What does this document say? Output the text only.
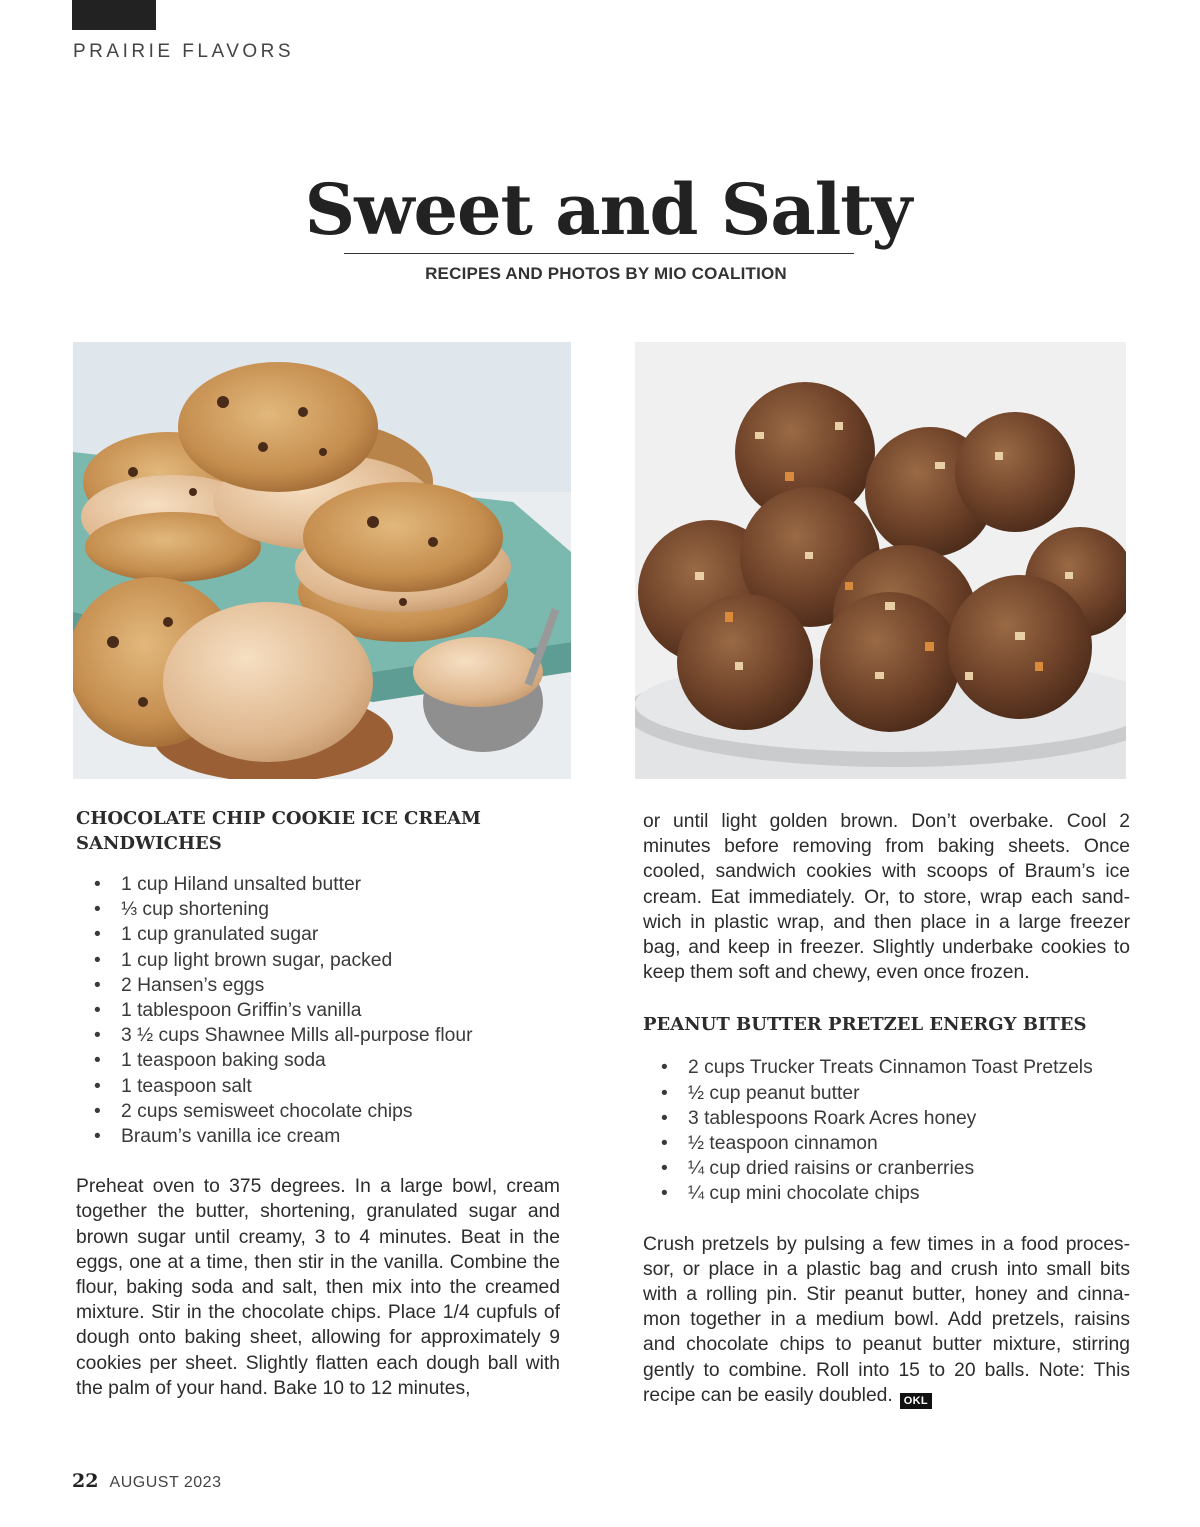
PRAIRIE FLAVORS
Sweet and Salty
RECIPES AND PHOTOS BY MIO COALITION
CHOCOLATE CHIP COOKIE ICE CREAM SANDWICHES
• 1 cup Hiland unsalted butter
• ⅓ cup shortening
• 1 cup granulated sugar
• 1 cup light brown sugar, packed
• 2 Hansen’s eggs
• 1 tablespoon Griffin’s vanilla
• 3 ½ cups Shawnee Mills all-purpose flour
• 1 teaspoon baking soda
• 1 teaspoon salt
• 2 cups semisweet chocolate chips
• Braum’s vanilla ice cream

Preheat oven to 375 degrees. In a large bowl, cream together the butter, shortening, granulated sugar and brown sugar until creamy, 3 to 4 minutes. Beat in the eggs, one at a time, then stir in the vanilla. Combine the flour, baking soda and salt, then mix into the creamed mixture. Stir in the chocolate chips. Place 1/4 cupfuls of dough onto baking sheet, allowing for approximately 9 cookies per sheet. Slightly flatten each dough ball with the palm of your hand. Bake 10 to 12 minutes,

or until light golden brown. Don’t overbake. Cool 2 minutes before removing from baking sheets. Once cooled, sandwich cookies with scoops of Braum’s ice cream. Eat immediately. Or, to store, wrap each sand-wich in plastic wrap, and then place in a large freezer bag, and keep in freezer. Slightly underbake cookies to keep them soft and chewy, even once frozen.

PEANUT BUTTER PRETZEL ENERGY BITES
• 2 cups Trucker Treats Cinnamon Toast Pretzels
• ½ cup peanut butter
• 3 tablespoons Roark Acres honey
• ½ teaspoon cinnamon
• ¼ cup dried raisins or cranberries
• ¼ cup mini chocolate chips

Crush pretzels by pulsing a few times in a food proces-sor, or place in a plastic bag and crush into small bits with a rolling pin. Stir peanut butter, honey and cinna-mon together in a medium bowl. Add pretzels, raisins and chocolate chips to peanut butter mixture, stirring gently to combine. Roll into 15 to 20 balls. Note: This recipe can be easily doubled. OKL

22 AUGUST 2023
